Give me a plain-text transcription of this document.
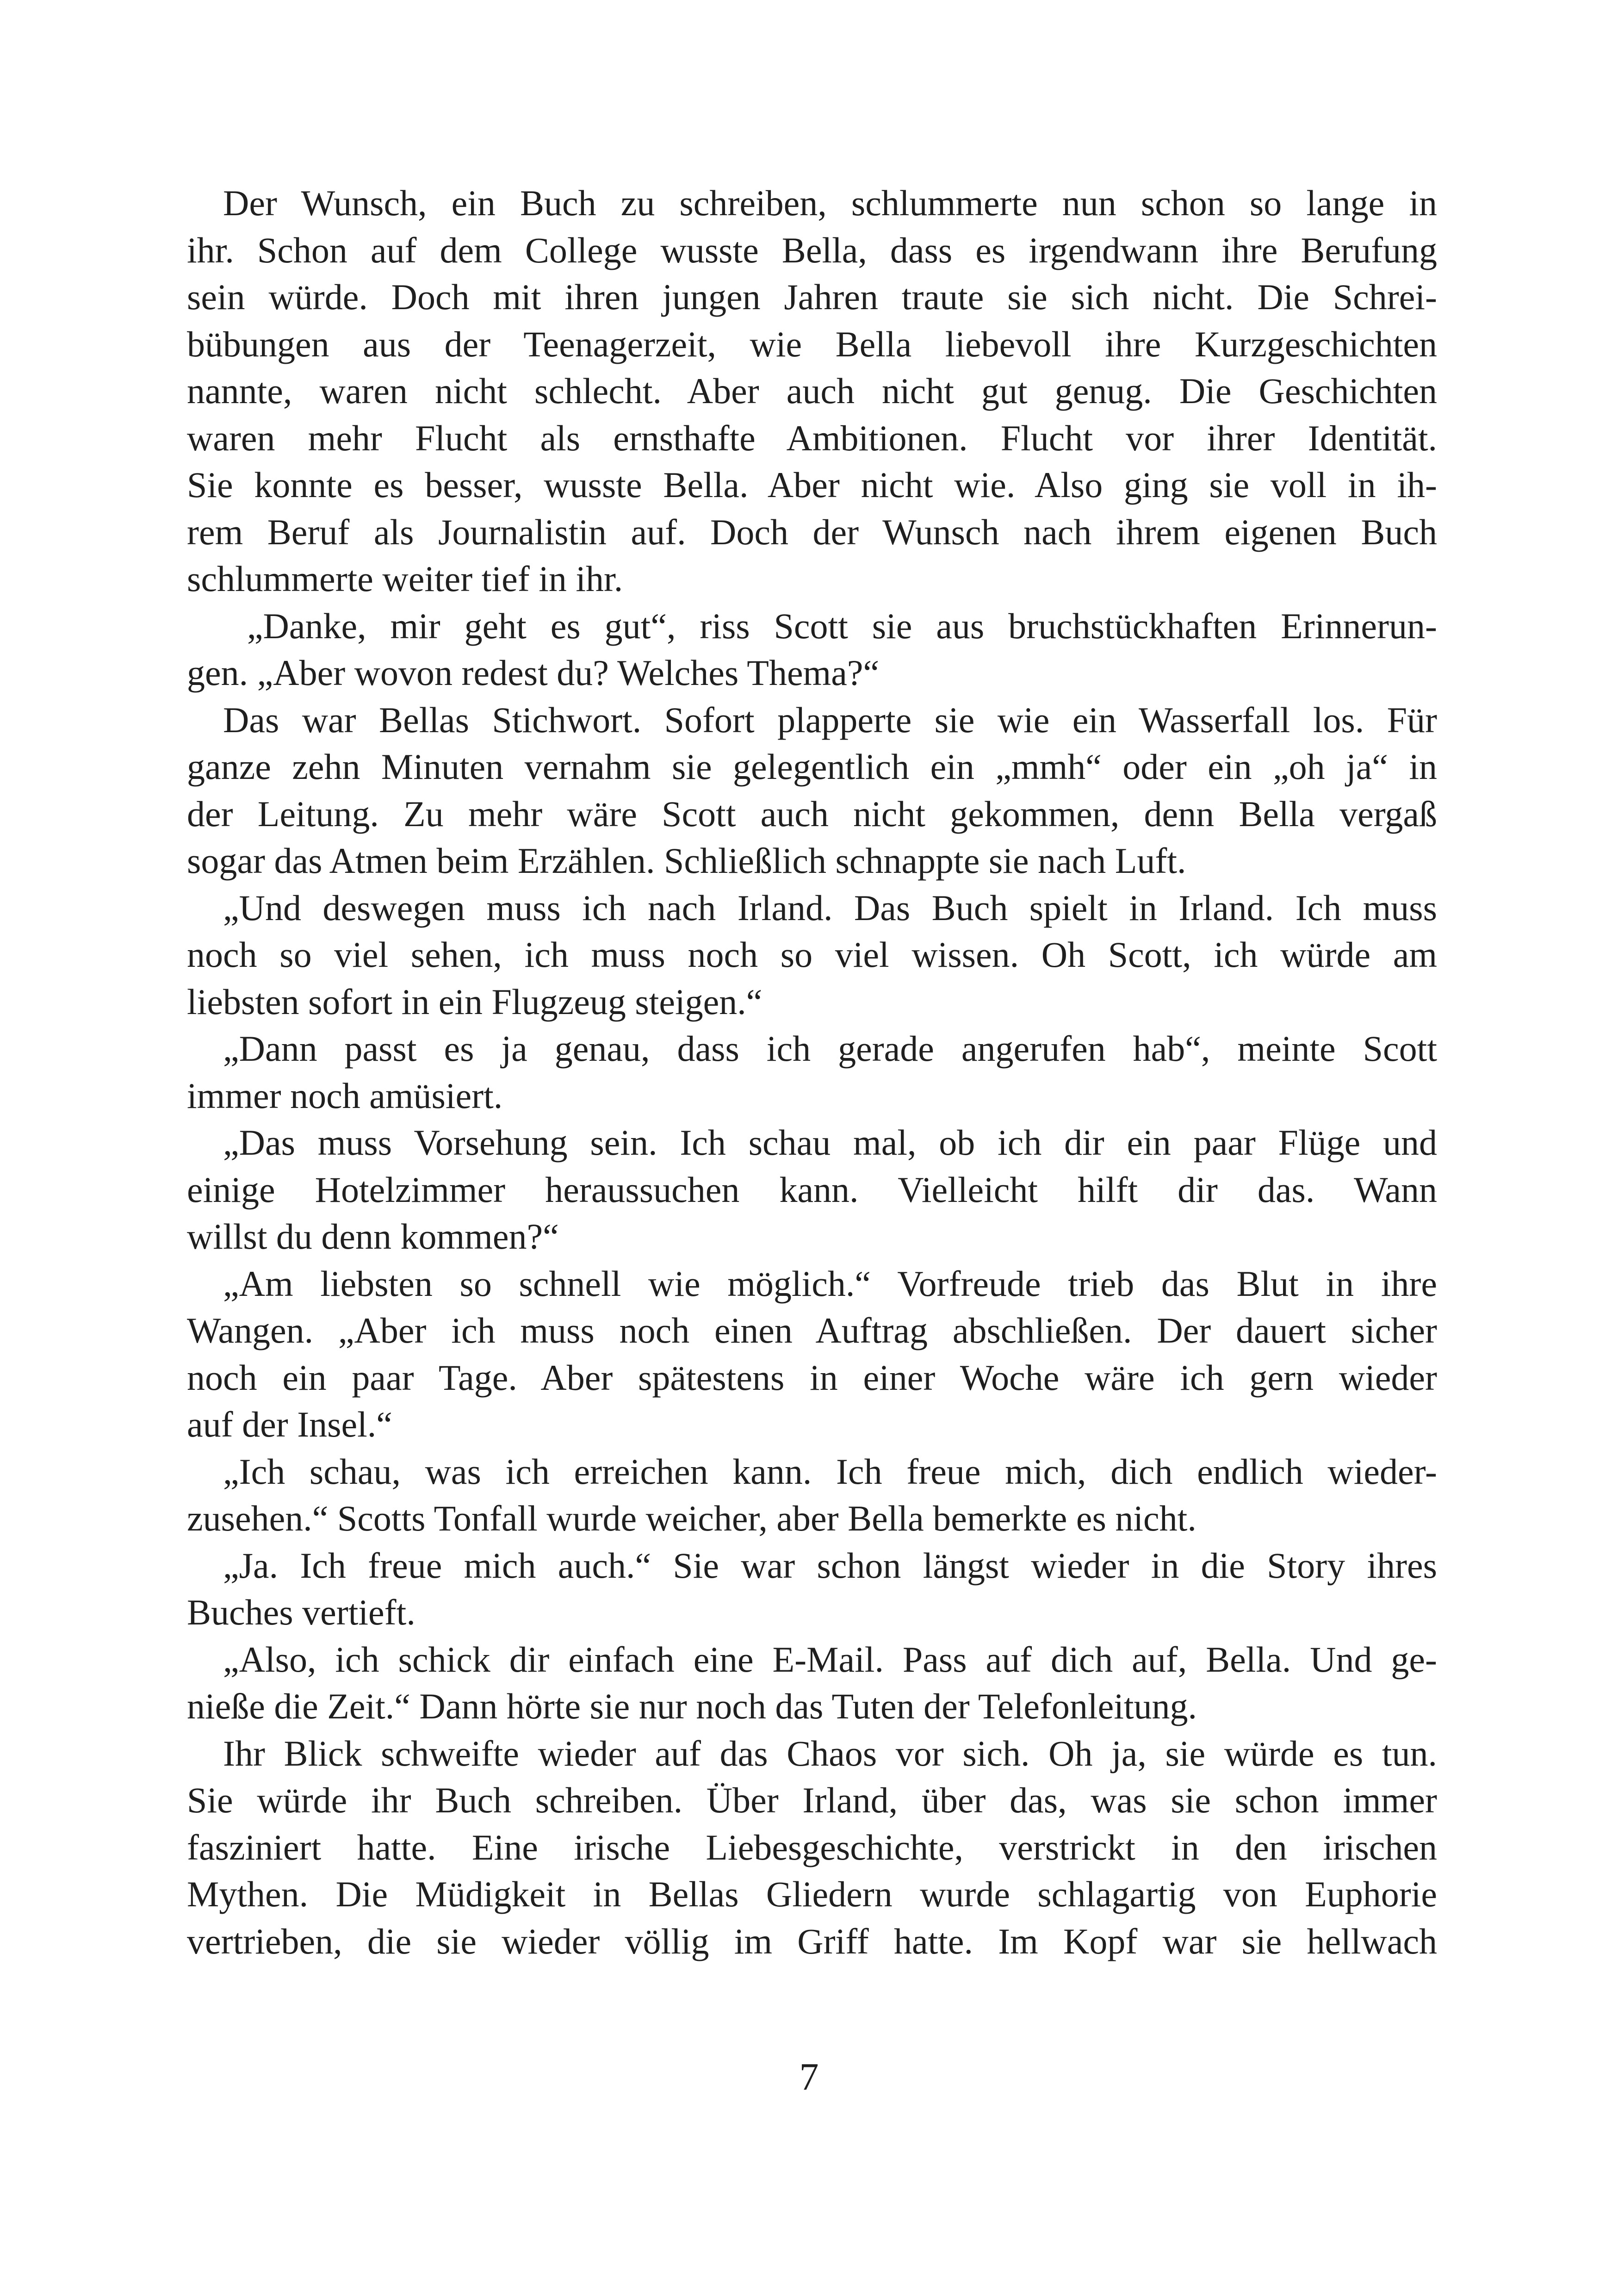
 Der Wunsch, ein Buch zu schreiben, schlummerte nun schon so lange in
ihr. Schon auf dem College wusste Bella, dass es irgendwann ihre Berufung
sein würde. Doch mit ihren jungen Jahren traute sie sich nicht. Die Schrei-
bübungen aus der Teenagerzeit, wie Bella liebevoll ihre Kurzgeschichten
nannte, waren nicht schlecht. Aber auch nicht gut genug. Die Geschichten
waren mehr Flucht als ernsthafte Ambitionen. Flucht vor ihrer Identität.
Sie konnte es besser, wusste Bella. Aber nicht wie. Also ging sie voll in ih-
rem Beruf als Journalistin auf. Doch der Wunsch nach ihrem eigenen Buch
schlummerte weiter tief in ihr.

  „Danke, mir geht es gut“, riss Scott sie aus bruchstückhaften Erinnerun-
gen. „Aber wovon redest du? Welches Thema?“

 Das war Bellas Stichwort. Sofort plapperte sie wie ein Wasserfall los. Für
ganze zehn Minuten vernahm sie gelegentlich ein „mmh“ oder ein „oh ja“ in
der Leitung. Zu mehr wäre Scott auch nicht gekommen, denn Bella vergaß
sogar das Atmen beim Erzählen. Schließlich schnappte sie nach Luft.

 „Und deswegen muss ich nach Irland. Das Buch spielt in Irland. Ich muss
noch so viel sehen, ich muss noch so viel wissen. Oh Scott, ich würde am
liebsten sofort in ein Flugzeug steigen.“

 „Dann passt es ja genau, dass ich gerade angerufen hab“, meinte Scott
immer noch amüsiert.

 „Das muss Vorsehung sein. Ich schau mal, ob ich dir ein paar Flüge und
einige Hotelzimmer heraussuchen kann. Vielleicht hilft dir das. Wann
willst du denn kommen?“

 „Am liebsten so schnell wie möglich.“ Vorfreude trieb das Blut in ihre
Wangen. „Aber ich muss noch einen Auftrag abschließen. Der dauert sicher
noch ein paar Tage. Aber spätestens in einer Woche wäre ich gern wieder
auf der Insel.“

 „Ich schau, was ich erreichen kann. Ich freue mich, dich endlich wieder-
zusehen.“ Scotts Tonfall wurde weicher, aber Bella bemerkte es nicht.

 „Ja. Ich freue mich auch.“ Sie war schon längst wieder in die Story ihres
Buches vertieft.

 „Also, ich schick dir einfach eine E-Mail. Pass auf dich auf, Bella. Und ge-
nieße die Zeit.“ Dann hörte sie nur noch das Tuten der Telefonleitung.

 Ihr Blick schweifte wieder auf das Chaos vor sich. Oh ja, sie würde es tun.
Sie würde ihr Buch schreiben. Über Irland, über das, was sie schon immer
fasziniert hatte. Eine irische Liebesgeschichte, verstrickt in den irischen
Mythen. Die Müdigkeit in Bellas Gliedern wurde schlagartig von Euphorie
vertrieben, die sie wieder völlig im Griff hatte. Im Kopf war sie hellwach

7
